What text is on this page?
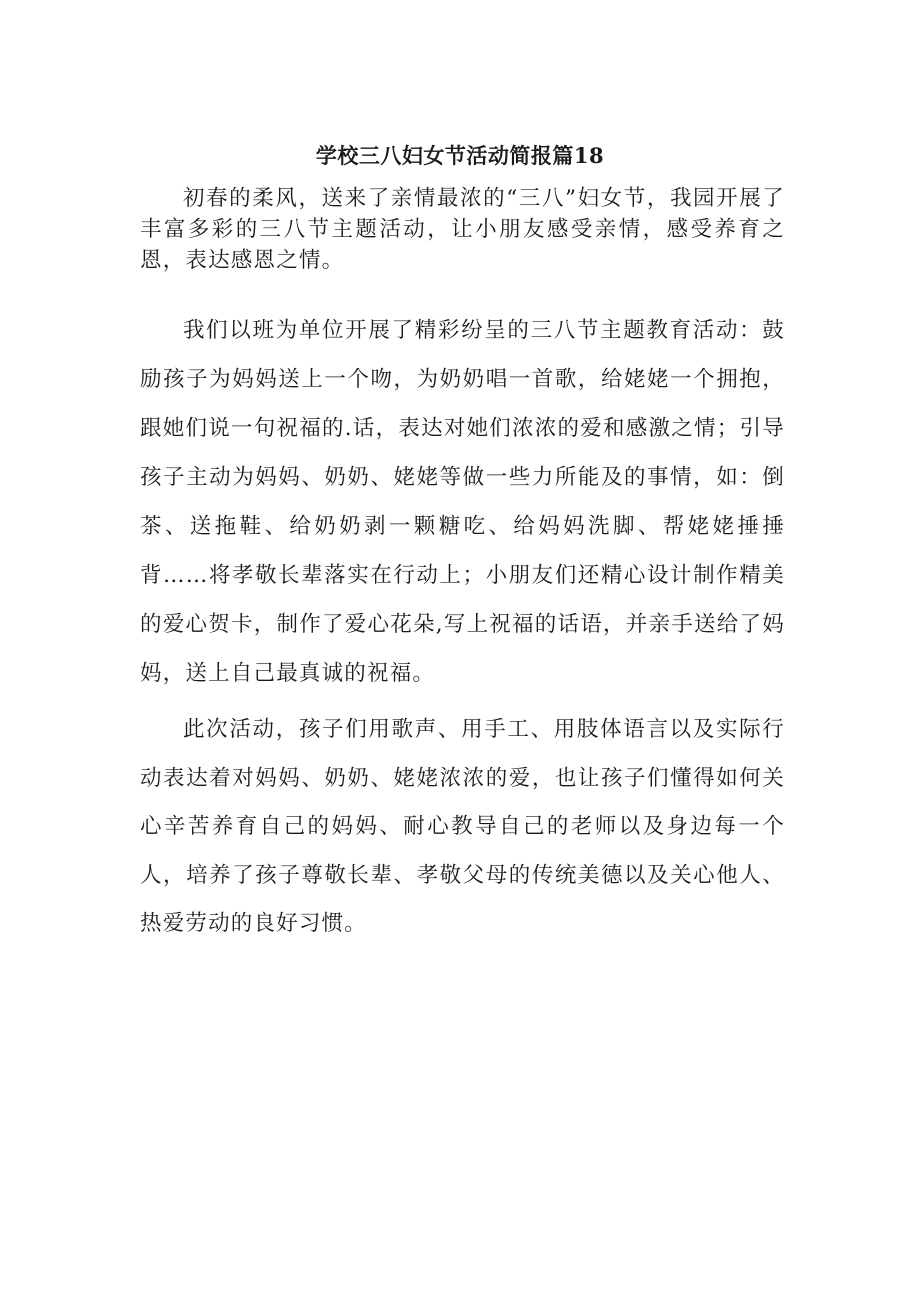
学校三八妇女节活动简报篇18

初春的柔风，送来了亲情最浓的“三八”妇女节，我园开展了丰富多彩的三八节主题活动，让小朋友感受亲情，感受养育之恩，表达感恩之情。

我们以班为单位开展了精彩纷呈的三八节主题教育活动：鼓励孩子为妈妈送上一个吻，为奶奶唱一首歌，给姥姥一个拥抱，跟她们说一句祝福的.话，表达对她们浓浓的爱和感激之情；引导孩子主动为妈妈、奶奶、姥姥等做一些力所能及的事情，如：倒茶、送拖鞋、给奶奶剥一颗糖吃、给妈妈洗脚、帮姥姥捶捶背……将孝敬长辈落实在行动上；小朋友们还精心设计制作精美的爱心贺卡，制作了爱心花朵,写上祝福的话语，并亲手送给了妈妈，送上自己最真诚的祝福。

此次活动，孩子们用歌声、用手工、用肢体语言以及实际行动表达着对妈妈、奶奶、姥姥浓浓的爱，也让孩子们懂得如何关心辛苦养育自己的妈妈、耐心教导自己的老师以及身边每一个人，培养了孩子尊敬长辈、孝敬父母的传统美德以及关心他人、热爱劳动的良好习惯。
